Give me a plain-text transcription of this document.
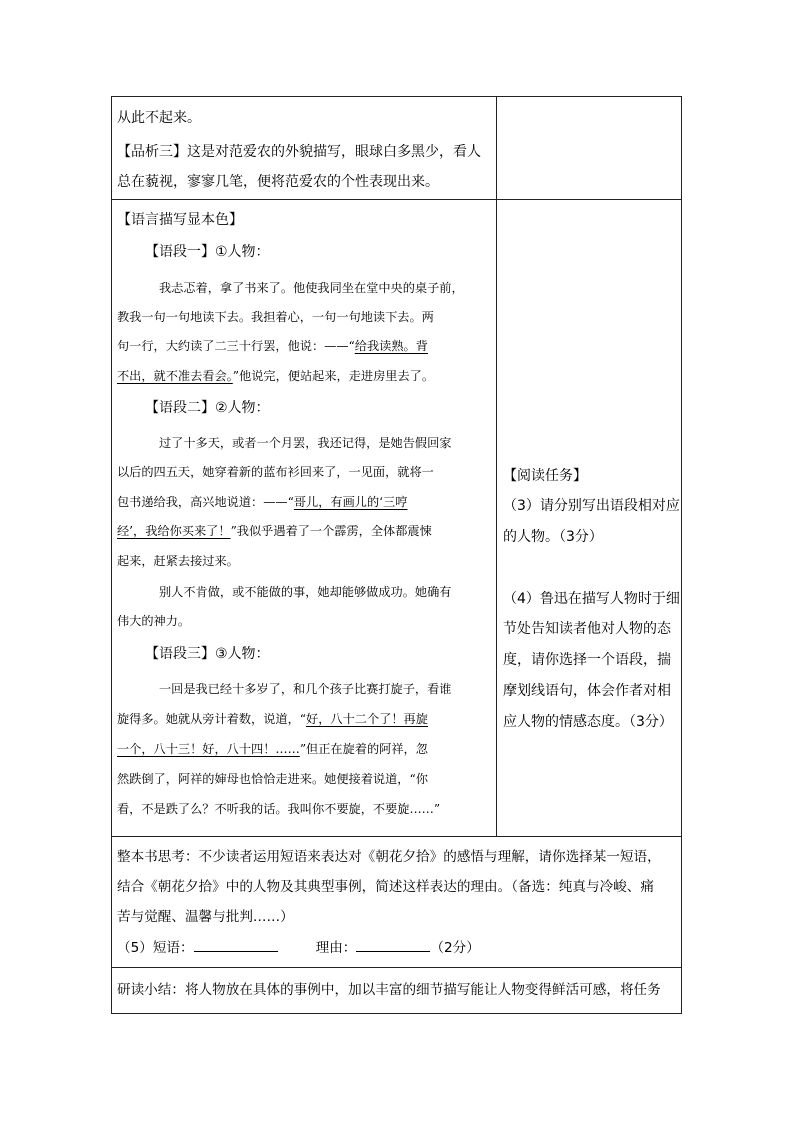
从此不起来。
【品析三】这是对范爱农的外貌描写，眼球白多黑少，看人
总在藐视，寥寥几笔，便将范爱农的个性表现出来。
【语言描写显本色】
【语段一】①人物：
我忐忑着，拿了书来了。他使我同坐在堂中央的桌子前，
教我一句一句地读下去。我担着心，一句一句地读下去。两
句一行，大约读了二三十行罢，他说：——“给我读熟。背
不出，就不准去看会。”他说完，便站起来，走进房里去了。
【语段二】②人物：
过了十多天，或者一个月罢，我还记得，是她告假回家
以后的四五天，她穿着新的蓝布衫回来了，一见面，就将一
包书递给我，高兴地说道：——“哥儿，有画儿的‘三哼
经’，我给你买来了！”我似乎遇着了一个霹雳，全体都震悚
起来，赶紧去接过来。
别人不肯做，或不能做的事，她却能够做成功。她确有
伟大的神力。
【语段三】③人物：
一回是我已经十多岁了，和几个孩子比赛打旋子，看谁
旋得多。她就从旁计着数，说道，“好，八十二个了！再旋
一个，八十三！好，八十四！……”但正在旋着的阿祥，忽
然跌倒了，阿祥的婶母也恰恰走进来。她便接着说道，“你
看，不是跌了么？不听我的话。我叫你不要旋，不要旋……”
【阅读任务】
（3）请分别写出语段相对应
的人物。（3分）
（4）鲁迅在描写人物时于细
节处告知读者他对人物的态
度，请你选择一个语段，揣
摩划线语句，体会作者对相
应人物的情感态度。（3分）
整本书思考：不少读者运用短语来表达对《朝花夕拾》的感悟与理解，请你选择某一短语，
结合《朝花夕拾》中的人物及其典型事例，简述这样表达的理由。（备选：纯真与冷峻、痛
苦与觉醒、温馨与批判……）
（5）短语：	理由：	（2分）
研读小结：将人物放在具体的事例中，加以丰富的细节描写能让人物变得鲜活可感，将任务
